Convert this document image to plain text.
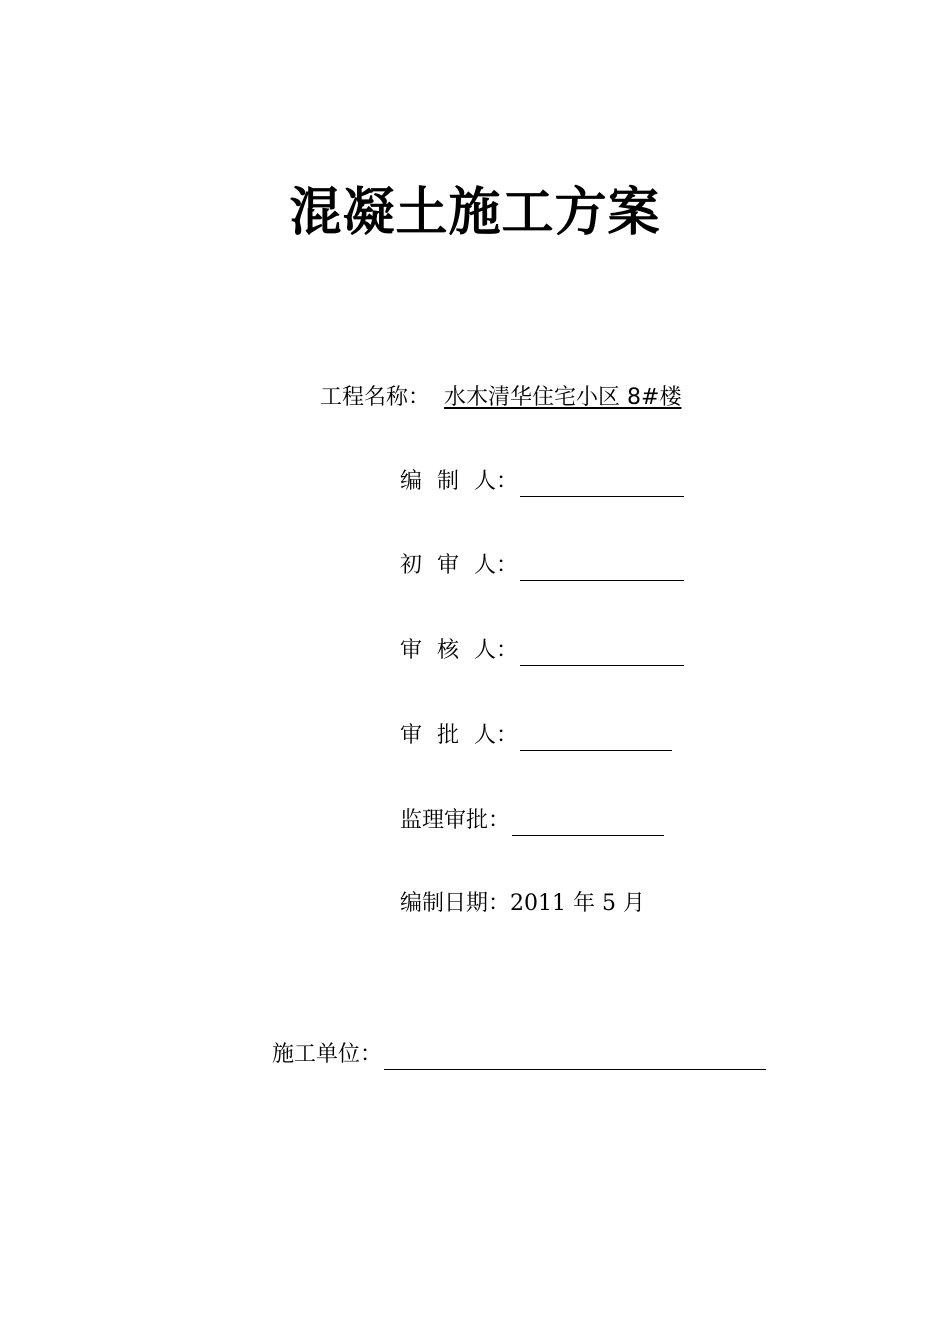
混凝土施工方案
工程名称： 水木清华住宅小区 8#楼
编制人 ：
初审人 ：
审核人 ：
审批人 ：
监理审批 ：
编制日期： 2011 年 5 月
施工单位：
